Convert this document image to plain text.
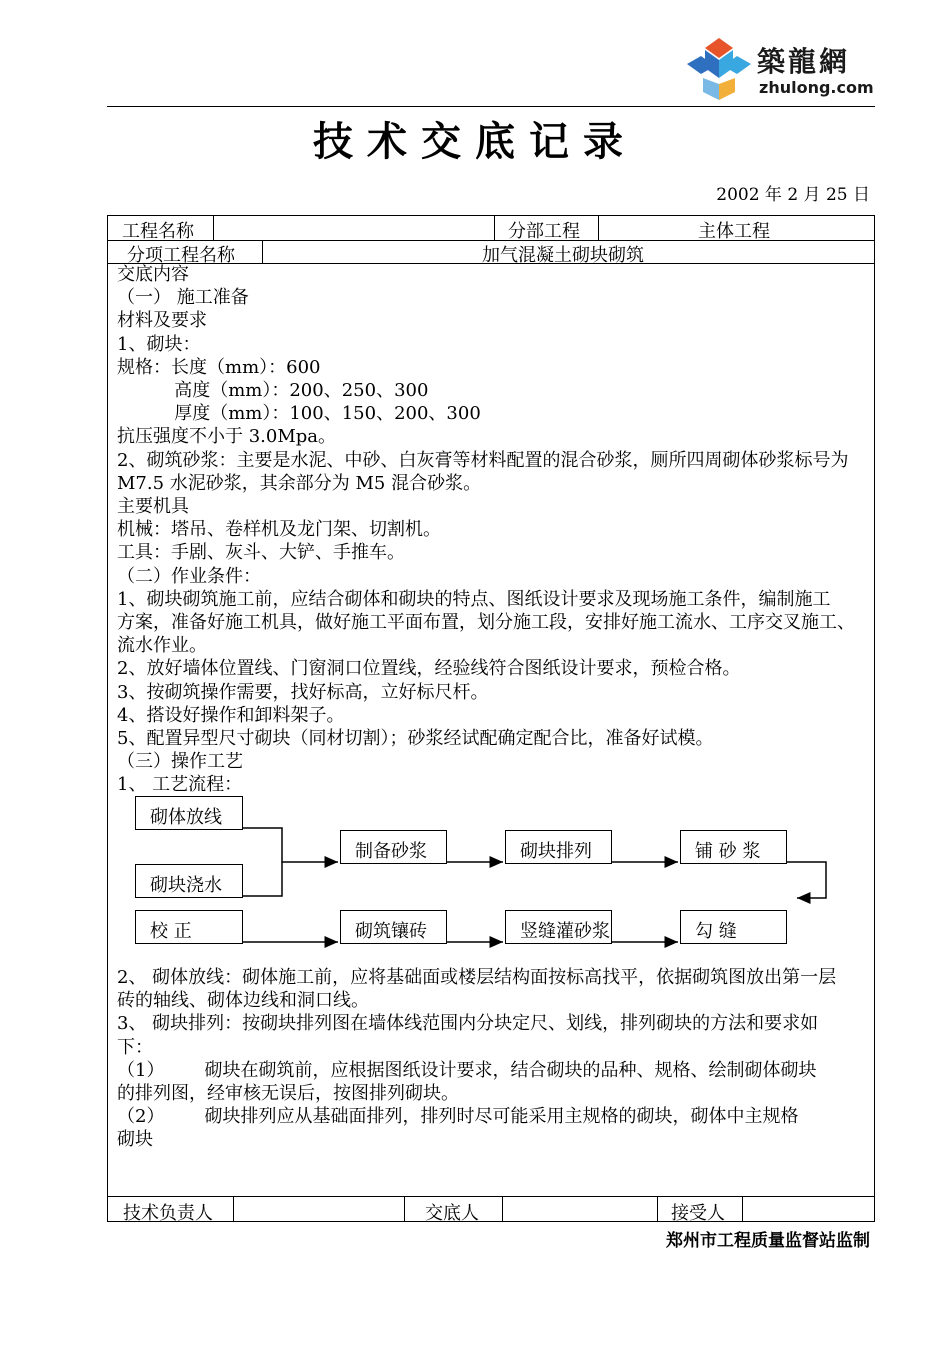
築龍網
zhulong.com
技术交底记录
2002 年 2 月 25 日
工程名称	分部工程	主体工程
分项工程名称	加气混凝土砌块砌筑

交底内容

（一） 施工准备

材料及要求

1、砌块：

规格：长度（mm）：600

高度（mm）：200、250、300

厚度（mm）：100、150、200、300

抗压强度不小于 3.0Mpa。

2、砌筑砂浆：主要是水泥、中砂、白灰膏等材料配置的混合砂浆，厕所四周砌体砂浆标号为

M7.5 水泥砂浆，其余部分为 M5 混合砂浆。

主要机具

机械：塔吊、卷样机及龙门架、切割机。

工具：手剧、灰斗、大铲、手推车。

（二）作业条件：

1、砌块砌筑施工前，应结合砌体和砌块的特点、图纸设计要求及现场施工条件，编制施工

方案，准备好施工机具，做好施工平面布置，划分施工段，安排好施工流水、工序交叉施工、

流水作业。

2、放好墙体位置线、门窗洞口位置线，经验线符合图纸设计要求，预检合格。

3、按砌筑操作需要，找好标高，立好标尺杆。

4、搭设好操作和卸料架子。

5、配置异型尺寸砌块（同材切割）；砂浆经试配确定配合比，准备好试模。

（三）操作工艺

1、 工艺流程：

2、 砌体放线：砌体施工前，应将基础面或楼层结构面按标高找平，依据砌筑图放出第一层

砖的轴线、砌体边线和洞口线。

3、 砌块排列：按砌块排列图在墙体线范围内分块定尺、划线，排列砌块的方法和要求如

下：

（1）       砌块在砌筑前，应根据图纸设计要求，结合砌块的品种、规格、绘制砌体砌块

的排列图，经审核无误后，按图排列砌块。

（2）       砌块排列应从基础面排列，排列时尽可能采用主规格的砌块，砌体中主规格

砌块

砌体放线
砌块浇水
制备砂浆	砌块排列	铺 砂 浆
校 正	砌筑镶砖	竖缝灌砂浆	勾 缝
技术负责人	交底人	接受人
郑州市工程质量监督站监制
